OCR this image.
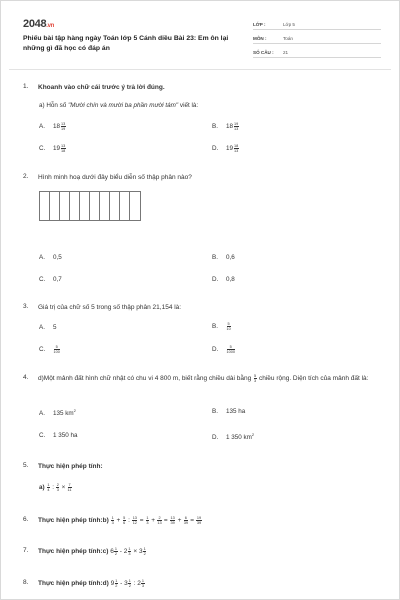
2048.vn
Phiếu bài tập hàng ngày Toán lớp 5 Cánh diều Bài 23: Em ôn lại những gì đã học có đáp án
LỚP :	Lớp 5
MÔN :	Toán
SỐ CÂU :	21
1.	Khoanh vào chữ cái trước ý trả lời đúng.
a) Hỗn số "Mười chín và mười ba phần mười tám" viết là:
A. $18 \frac{13}{19}$	B. $18 \frac{19}{13}$
C. $19 \frac{13}{18}$	D. $19 \frac{18}{13}$
2.	Hình minh hoạ dưới đây biểu diễn số thập phân nào?
A. 0,5	B. 0,6
C. 0,7	D. 0,8
3.	Giá trị của chữ số 5 trong số thập phân 21,154 là:
A. 5	B. $\frac{5}{10}$
C. $\frac{5}{100}$	D. $\frac{5}{1000}$
4.	d)Một mảnh đất hình chữ nhật có chu vi 4 800 m, biết rằng chiều dài bằng $\frac{5}{3}$ chiều rộng. Diện tích của mảnh đất là:
A. 135 $km^2$	B. 135 ha
C. 1 350 ha	D. 1 350 $km^2$
5.	Thực hiện phép tính:
$a) \frac{1}{4}$ : $\frac{2}{3} \times \frac{7}{11}$
6.	Thực hiện phép tính:b) $\frac{1}{3} + \frac{5}{6}$ : $\frac{13}{12} = \frac{1}{3} + \frac{2}{13} = \frac{13}{39} + \frac{6}{39} = \frac{19}{39}$
7.	Thực hiện phép tính:c) $6 \frac{1}{2} - 2 \frac{1}{3} \times 3 \frac{1}{2}$
8.	Thực hiện phép tính:d) $9 \frac{1}{2} - 3 \frac{1}{2}$ : $2 \frac{1}{3}$
